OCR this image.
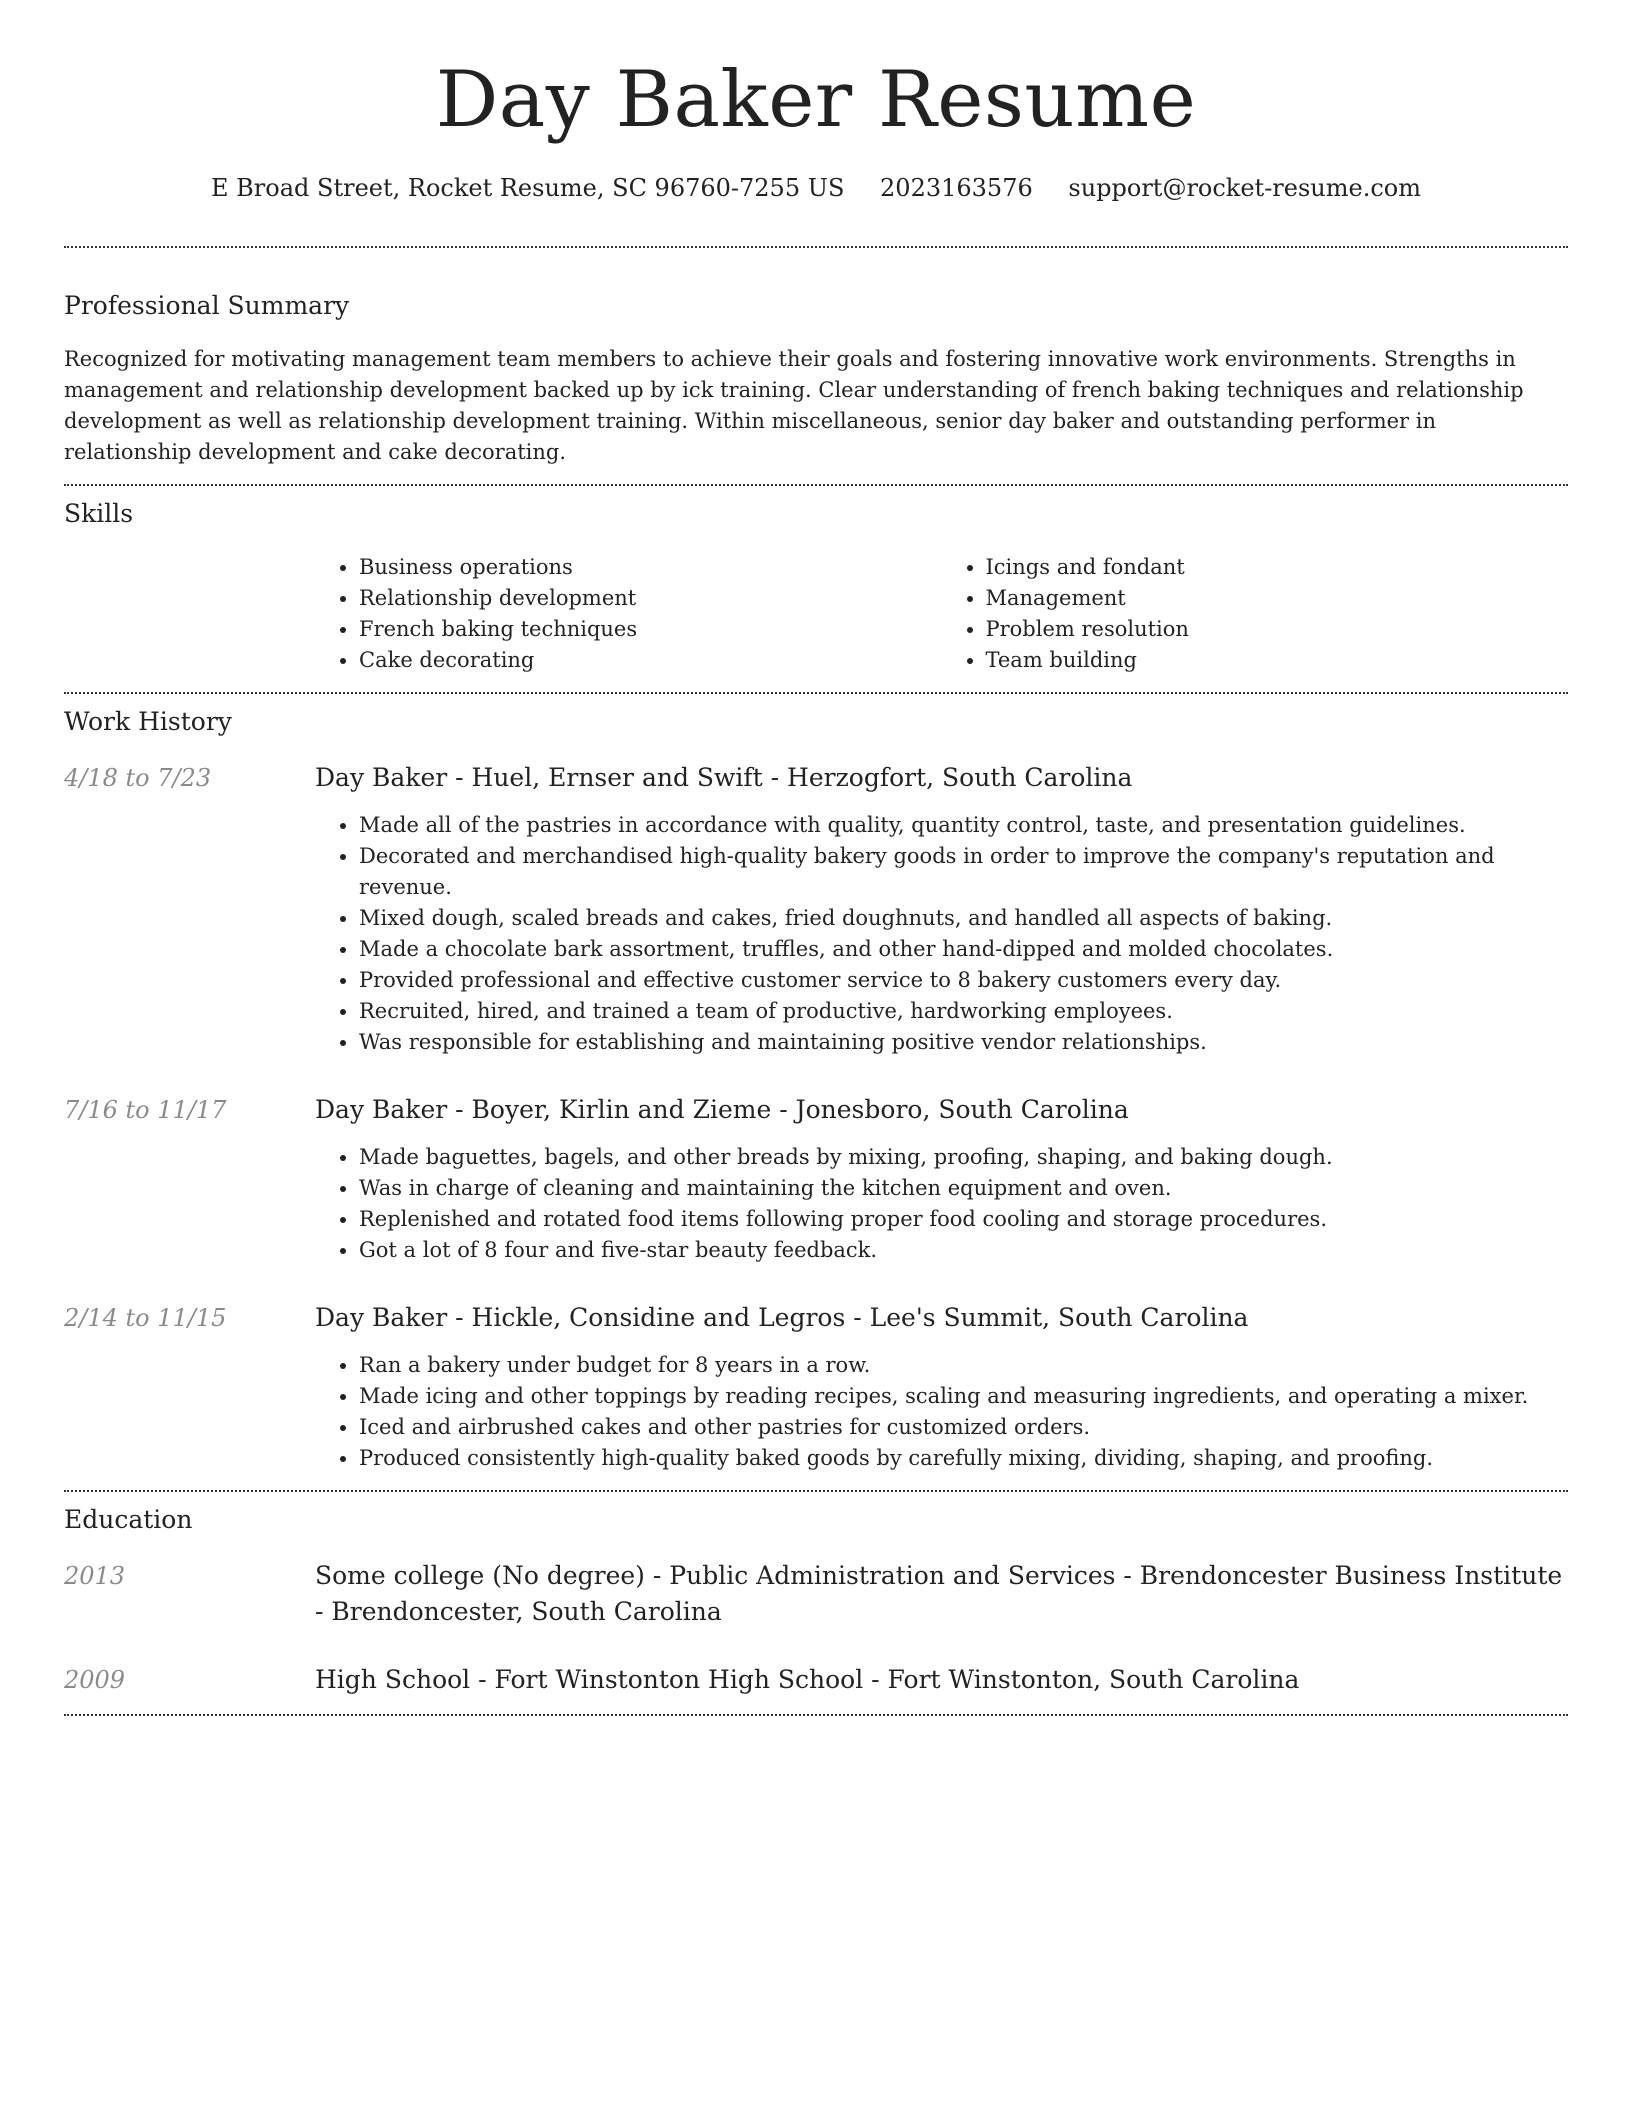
Day Baker Resume
E Broad Street, Rocket Resume, SC 96760-7255 US 2023163576 support@rocket-resume.com
Professional Summary

Recognized for motivating management team members to achieve their goals and fostering innovative work environments. Strengths in management and relationship development backed up by ick training. Clear understanding of french baking techniques and relationship development as well as relationship development training. Within miscellaneous, senior day baker and outstanding performer in relationship development and cake decorating.

Skills
• Business operations
• Relationship development
• French baking techniques
• Cake decorating
• Icings and fondant
• Management
• Problem resolution
• Team building
Work History
4/18 to 7/23	Day Baker - Huel, Ernser and Swift - Herzogfort, South Carolina
• Made all of the pastries in accordance with quality, quantity control, taste, and presentation guidelines.
• Decorated and merchandised high-quality bakery goods in order to improve the company's reputation and revenue.
• Mixed dough, scaled breads and cakes, fried doughnuts, and handled all aspects of baking.
• Made a chocolate bark assortment, truffles, and other hand-dipped and molded chocolates.
• Provided professional and effective customer service to 8 bakery customers every day.
• Recruited, hired, and trained a team of productive, hardworking employees.
• Was responsible for establishing and maintaining positive vendor relationships.
7/16 to 11/17	Day Baker - Boyer, Kirlin and Zieme - Jonesboro, South Carolina
• Made baguettes, bagels, and other breads by mixing, proofing, shaping, and baking dough.
• Was in charge of cleaning and maintaining the kitchen equipment and oven.
• Replenished and rotated food items following proper food cooling and storage procedures.
• Got a lot of 8 four and five-star beauty feedback.
2/14 to 11/15	Day Baker - Hickle, Considine and Legros - Lee's Summit, South Carolina
• Ran a bakery under budget for 8 years in a row.
• Made icing and other toppings by reading recipes, scaling and measuring ingredients, and operating a mixer.
• Iced and airbrushed cakes and other pastries for customized orders.
• Produced consistently high-quality baked goods by carefully mixing, dividing, shaping, and proofing.
Education
2013	Some college (No degree) - Public Administration and Services - Brendoncester Business Institute - Brendoncester, South Carolina
2009	High School - Fort Winstonton High School - Fort Winstonton, South Carolina
